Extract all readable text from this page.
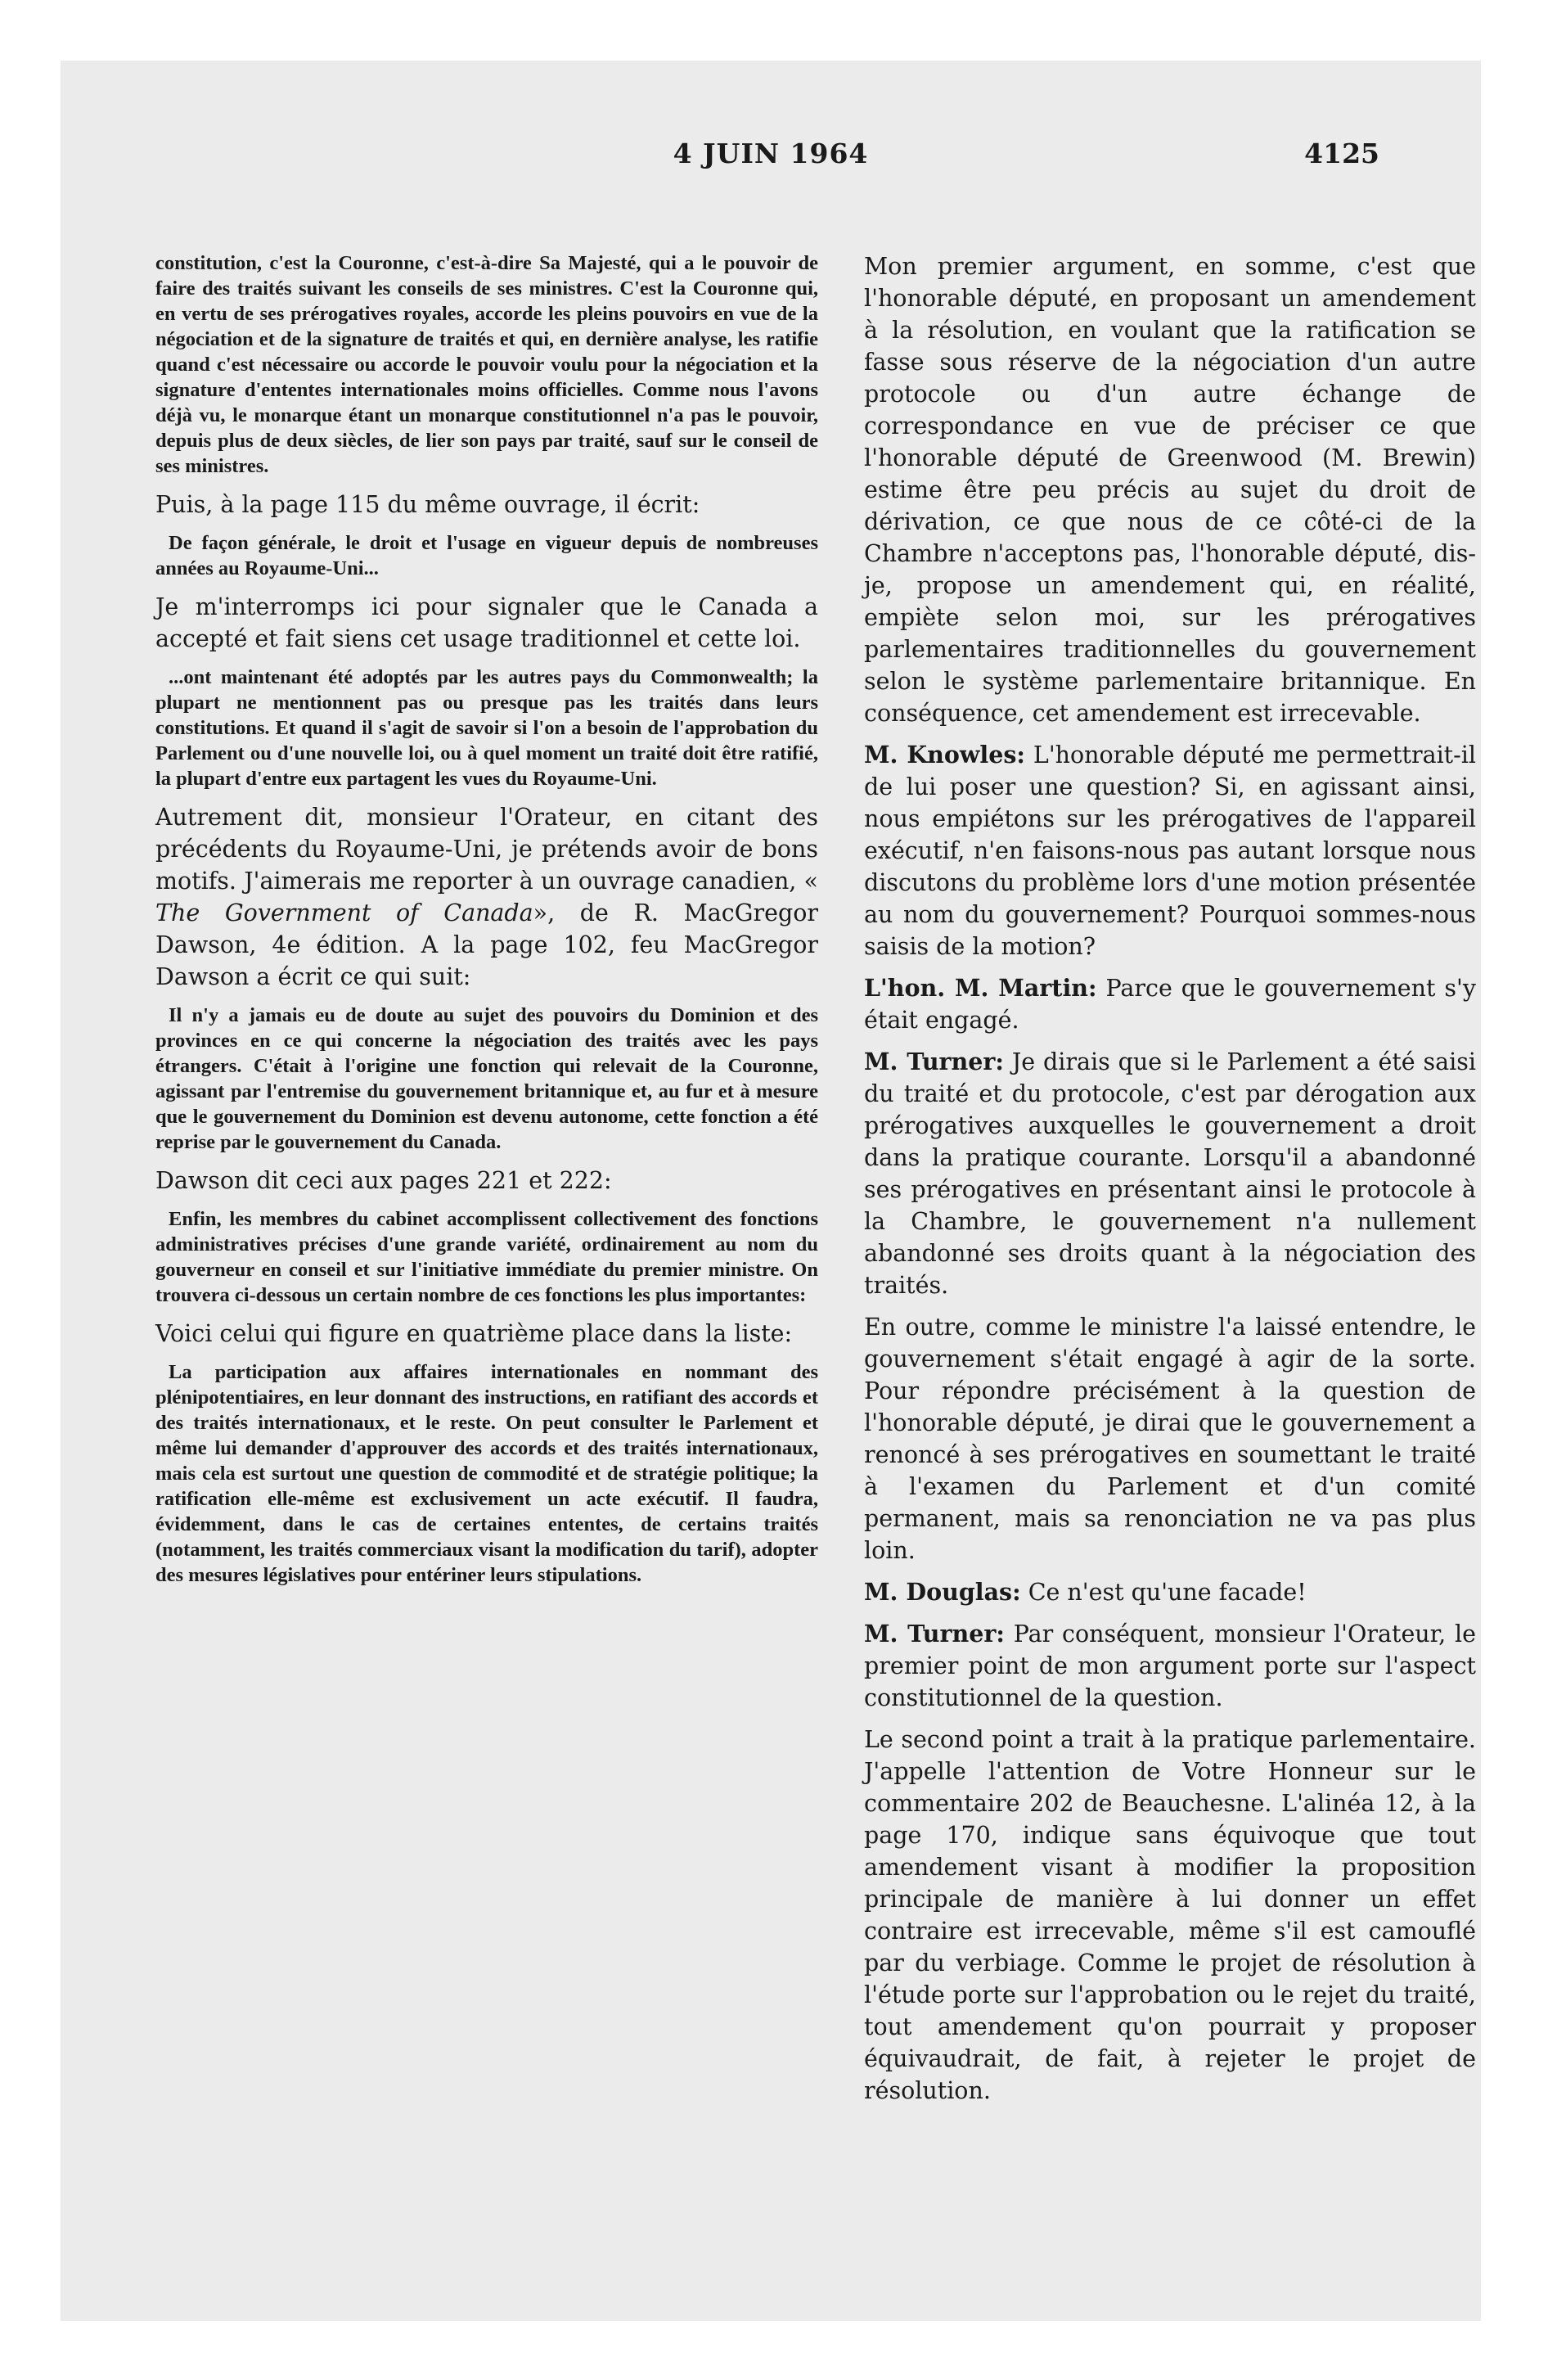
4 JUIN 1964	4125

constitution, c'est la Couronne, c'est-à-dire Sa Majesté, qui a le pouvoir de faire des traités suivant les conseils de ses ministres. C'est la Couronne qui, en vertu de ses prérogatives royales, accorde les pleins pouvoirs en vue de la négociation et de la signature de traités et qui, en dernière analyse, les ratifie quand c'est nécessaire ou accorde le pouvoir voulu pour la négociation et la signature d'ententes internationales moins officielles. Comme nous l'avons déjà vu, le monarque étant un monarque constitutionnel n'a pas le pouvoir, depuis plus de deux siècles, de lier son pays par traité, sauf sur le conseil de ses ministres.

Puis, à la page 115 du même ouvrage, il écrit:

De façon générale, le droit et l'usage en vigueur depuis de nombreuses années au Royaume-Uni...

Je m'interromps ici pour signaler que le Canada a accepté et fait siens cet usage traditionnel et cette loi.

...ont maintenant été adoptés par les autres pays du Commonwealth; la plupart ne mentionnent pas ou presque pas les traités dans leurs constitutions. Et quand il s'agit de savoir si l'on a besoin de l'approbation du Parlement ou d'une nouvelle loi, ou à quel moment un traité doit être ratifié, la plupart d'entre eux partagent les vues du Royaume-Uni.

Autrement dit, monsieur l'Orateur, en citant des précédents du Royaume-Uni, je prétends avoir de bons motifs. J'aimerais me reporter à un ouvrage canadien, « The Government of Canada», de R. MacGregor Dawson, 4e édition. A la page 102, feu MacGregor Dawson a écrit ce qui suit:

Il n'y a jamais eu de doute au sujet des pouvoirs du Dominion et des provinces en ce qui concerne la négociation des traités avec les pays étrangers. C'était à l'origine une fonction qui relevait de la Couronne, agissant par l'entremise du gouvernement britannique et, au fur et à mesure que le gouvernement du Dominion est devenu autonome, cette fonction a été reprise par le gouvernement du Canada.

Dawson dit ceci aux pages 221 et 222:

Enfin, les membres du cabinet accomplissent collectivement des fonctions administratives précises d'une grande variété, ordinairement au nom du gouverneur en conseil et sur l'initiative immédiate du premier ministre. On trouvera ci-dessous un certain nombre de ces fonctions les plus importantes:

Voici celui qui figure en quatrième place dans la liste:

La participation aux affaires internationales en nommant des plénipotentiaires, en leur donnant des instructions, en ratifiant des accords et des traités internationaux, et le reste. On peut consulter le Parlement et même lui demander d'approuver des accords et des traités internationaux, mais cela est surtout une question de commodité et de stratégie politique; la ratification elle-même est exclusivement un acte exécutif. Il faudra, évidemment, dans le cas de certaines ententes, de certains traités (notamment, les traités commerciaux visant la modification du tarif), adopter des mesures législatives pour entériner leurs stipulations.

Mon premier argument, en somme, c'est que l'honorable député, en proposant un amendement à la résolution, en voulant que la ratification se fasse sous réserve de la négociation d'un autre protocole ou d'un autre échange de correspondance en vue de préciser ce que l'honorable député de Greenwood (M. Brewin) estime être peu précis au sujet du droit de dérivation, ce que nous de ce côté-ci de la Chambre n'acceptons pas, l'honorable député, dis-je, propose un amendement qui, en réalité, empiète selon moi, sur les prérogatives parlementaires traditionnelles du gouvernement selon le système parlementaire britannique. En conséquence, cet amendement est irrecevable.

M. Knowles: L'honorable député me permettrait-il de lui poser une question? Si, en agissant ainsi, nous empiétons sur les prérogatives de l'appareil exécutif, n'en faisons-nous pas autant lorsque nous discutons du problème lors d'une motion présentée au nom du gouvernement? Pourquoi sommes-nous saisis de la motion?

L'hon. M. Martin: Parce que le gouvernement s'y était engagé.

M. Turner: Je dirais que si le Parlement a été saisi du traité et du protocole, c'est par dérogation aux prérogatives auxquelles le gouvernement a droit dans la pratique courante. Lorsqu'il a abandonné ses prérogatives en présentant ainsi le protocole à la Chambre, le gouvernement n'a nullement abandonné ses droits quant à la négociation des traités.

En outre, comme le ministre l'a laissé entendre, le gouvernement s'était engagé à agir de la sorte. Pour répondre précisément à la question de l'honorable député, je dirai que le gouvernement a renoncé à ses prérogatives en soumettant le traité à l'examen du Parlement et d'un comité permanent, mais sa renonciation ne va pas plus loin.

M. Douglas: Ce n'est qu'une facade!

M. Turner: Par conséquent, monsieur l'Orateur, le premier point de mon argument porte sur l'aspect constitutionnel de la question.

Le second point a trait à la pratique parlementaire. J'appelle l'attention de Votre Honneur sur le commentaire 202 de Beauchesne. L'alinéa 12, à la page 170, indique sans équivoque que tout amendement visant à modifier la proposition principale de manière à lui donner un effet contraire est irrecevable, même s'il est camouflé par du verbiage. Comme le projet de résolution à l'étude porte sur l'approbation ou le rejet du traité, tout amendement qu'on pourrait y proposer équivaudrait, de fait, à rejeter le projet de résolution.
